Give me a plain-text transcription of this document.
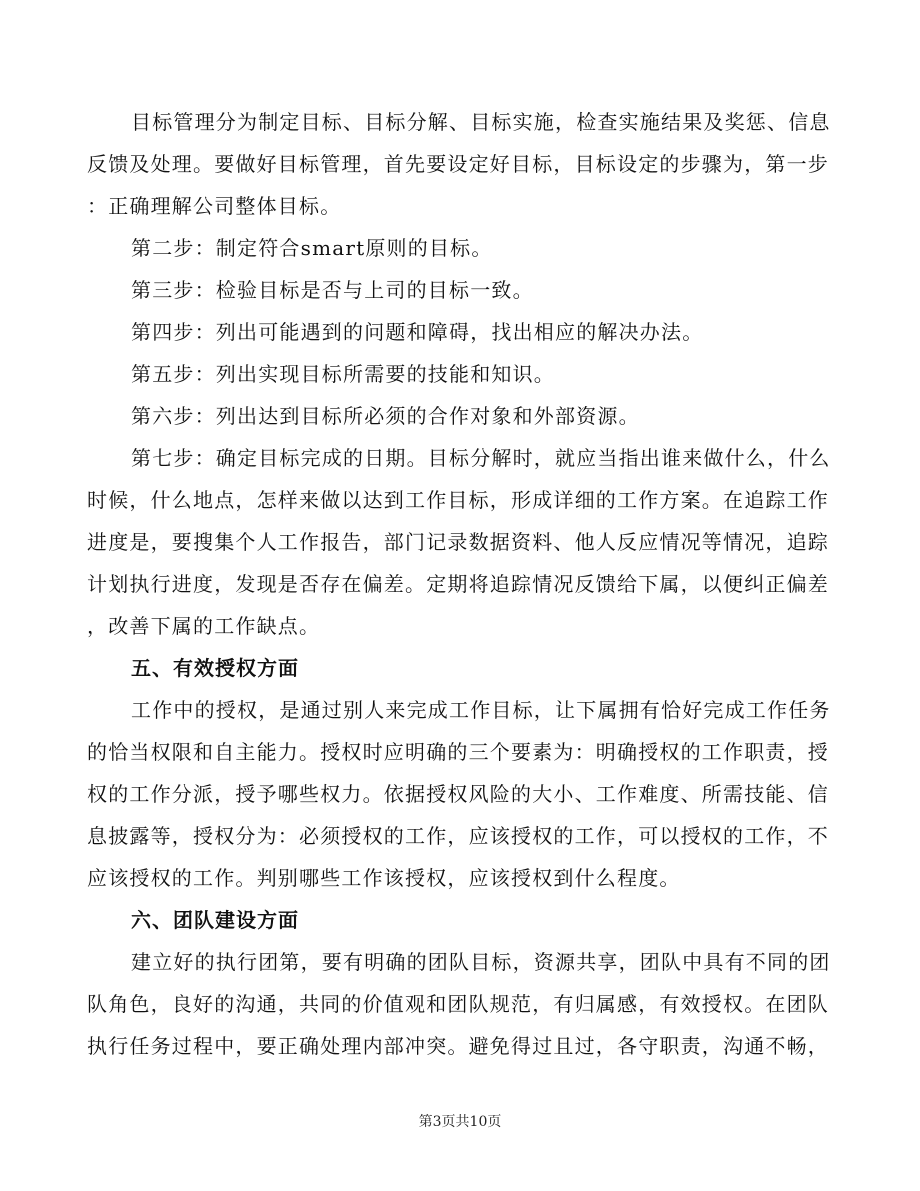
目标管理分为制定目标、目标分解、目标实施，检查实施结果及奖惩、信息
反馈及处理。要做好目标管理，首先要设定好目标，目标设定的步骤为，第一步
：正确理解公司整体目标。
第二步：制定符合smart原则的目标。
第三步：检验目标是否与上司的目标一致。
第四步：列出可能遇到的问题和障碍，找出相应的解决办法。
第五步：列出实现目标所需要的技能和知识。
第六步：列出达到目标所必须的合作对象和外部资源。
第七步：确定目标完成的日期。目标分解时，就应当指出谁来做什么，什么
时候，什么地点，怎样来做以达到工作目标，形成详细的工作方案。在追踪工作
进度是，要搜集个人工作报告，部门记录数据资料、他人反应情况等情况，追踪
计划执行进度，发现是否存在偏差。定期将追踪情况反馈给下属，以便纠正偏差
，改善下属的工作缺点。
五、有效授权方面
工作中的授权，是通过别人来完成工作目标，让下属拥有恰好完成工作任务
的恰当权限和自主能力。授权时应明确的三个要素为：明确授权的工作职责，授
权的工作分派，授予哪些权力。依据授权风险的大小、工作难度、所需技能、信
息披露等，授权分为：必须授权的工作，应该授权的工作，可以授权的工作，不
应该授权的工作。判别哪些工作该授权，应该授权到什么程度。
六、团队建设方面
建立好的执行团第，要有明确的团队目标，资源共享，团队中具有不同的团
队角色，良好的沟通，共同的价值观和团队规范，有归属感，有效授权。在团队
执行任务过程中，要正确处理内部冲突。避免得过且过，各守职责，沟通不畅，
第3页共10页
